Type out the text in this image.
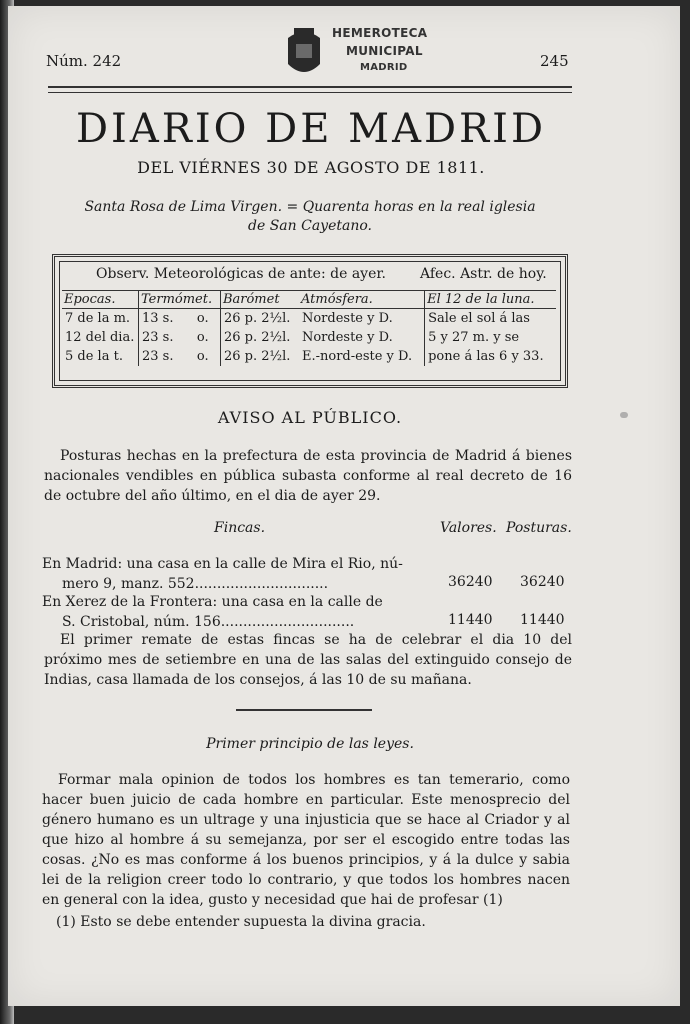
Núm. 242	245
HEMEROTECA
MUNICIPAL
MADRID
DIARIO DE MADRID
DEL VIÉRNES 30 DE AGOSTO DE 1811.
Santa Rosa de Lima Virgen. = Quarenta horas en la real iglesia
de San Cayetano.
Observ. Meteorológicas de ante: de ayer. Afec. Astr. de hoy.
Epocas.	Termómet.		Barómet	Atmósfera.	El 12 de la luna.
7 de la m.	13 s.	o.	26 p. 2½l.	Nordeste y D.	Sale el sol á las
12 del dia.	23 s.	o.	26 p. 2½l.	Nordeste y D.	5 y 27 m. y se
5 de la t.	23 s.	o.	26 p. 2½l.	E.-nord-este y D.	pone á las 6 y 33.
AVISO AL PÚBLICO.
Posturas hechas en la prefectura de esta provincia de Madrid á bienes nacionales vendibles en pública subasta conforme al real decreto de 16 de octubre del año último, en el dia de ayer 29.
Fincas.	Valores. Posturas.
En Madrid: una casa en la calle de Mira el Rio, nú-
mero 9, manz. 552..............................	36240 36240
En Xerez de la Frontera: una casa en la calle de
S. Cristobal, núm. 156..............................	11440 11440
El primer remate de estas fincas se ha de celebrar el dia 10 del próximo mes de setiembre en una de las salas del extinguido consejo de Indias, casa llamada de los consejos, á las 10 de su mañana.
Primer principio de las leyes.
Formar mala opinion de todos los hombres es tan temerario, como hacer buen juicio de cada hombre en particular. Este menosprecio del género humano es un ultrage y una injusticia que se hace al Criador y al que hizo al hombre á su semejanza, por ser el escogido entre todas las cosas. ¿No es mas conforme á los buenos principios, y á la dulce y sabia lei de la religion creer todo lo contrario, y que todos los hombres nacen en general con la idea, gusto y necesidad que hai de profesar (1)
(1) Esto se debe entender supuesta la divina gracia.
